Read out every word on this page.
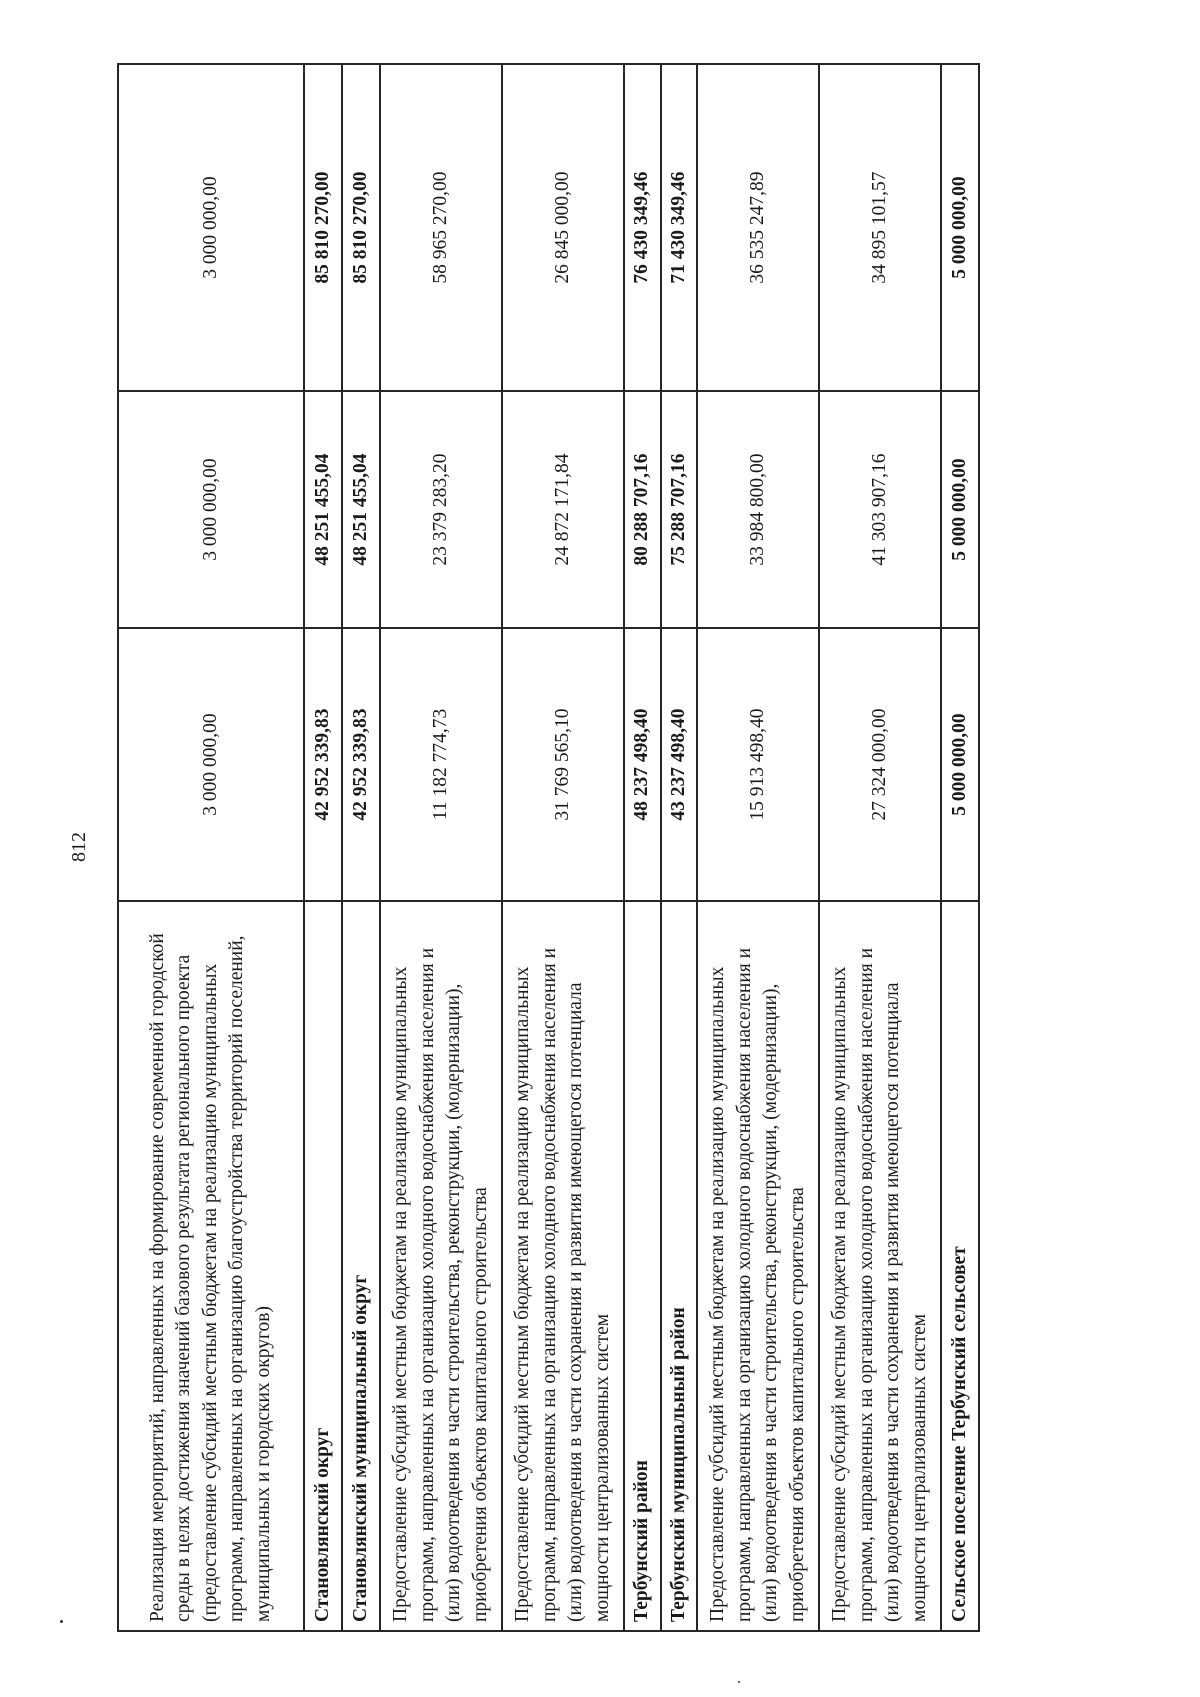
812
Реализация мероприятий, направленных на формирование современной городской среды в целях достижения значений базового результата регионального проекта (предоставление субсидий местным бюджетам на реализацию муниципальных программ, направленных на организацию благоустройства территорий поселений, муниципальных и городских округов)	3 000 000,00	3 000 000,00	3 000 000,00
Становлянский округ	42 952 339,83	48 251 455,04	85 810 270,00
Становлянский муниципальный округ	42 952 339,83	48 251 455,04	85 810 270,00
Предоставление субсидий местным бюджетам на реализацию муниципальных программ, направленных на организацию холодного водоснабжения населения и (или) водоотведения в части строительства, реконструкции, (модернизации), приобретения объектов капитального строительства	11 182 774,73	23 379 283,20	58 965 270,00
Предоставление субсидий местным бюджетам на реализацию муниципальных программ, направленных на организацию холодного водоснабжения населения и (или) водоотведения в части сохранения и развития имеющегося потенциала мощности централизованных систем	31 769 565,10	24 872 171,84	26 845 000,00
Тербунский район	48 237 498,40	80 288 707,16	76 430 349,46
Тербунский муниципальный район	43 237 498,40	75 288 707,16	71 430 349,46
Предоставление субсидий местным бюджетам на реализацию муниципальных программ, направленных на организацию холодного водоснабжения населения и (или) водоотведения в части строительства, реконструкции, (модернизации), приобретения объектов капитального строительства	15 913 498,40	33 984 800,00	36 535 247,89
Предоставление субсидий местным бюджетам на реализацию муниципальных программ, направленных на организацию холодного водоснабжения населения и (или) водоотведения в части сохранения и развития имеющегося потенциала мощности централизованных систем	27 324 000,00	41 303 907,16	34 895 101,57
Сельское поселение Тербунский сельсовет	5 000 000,00	5 000 000,00	5 000 000,00
